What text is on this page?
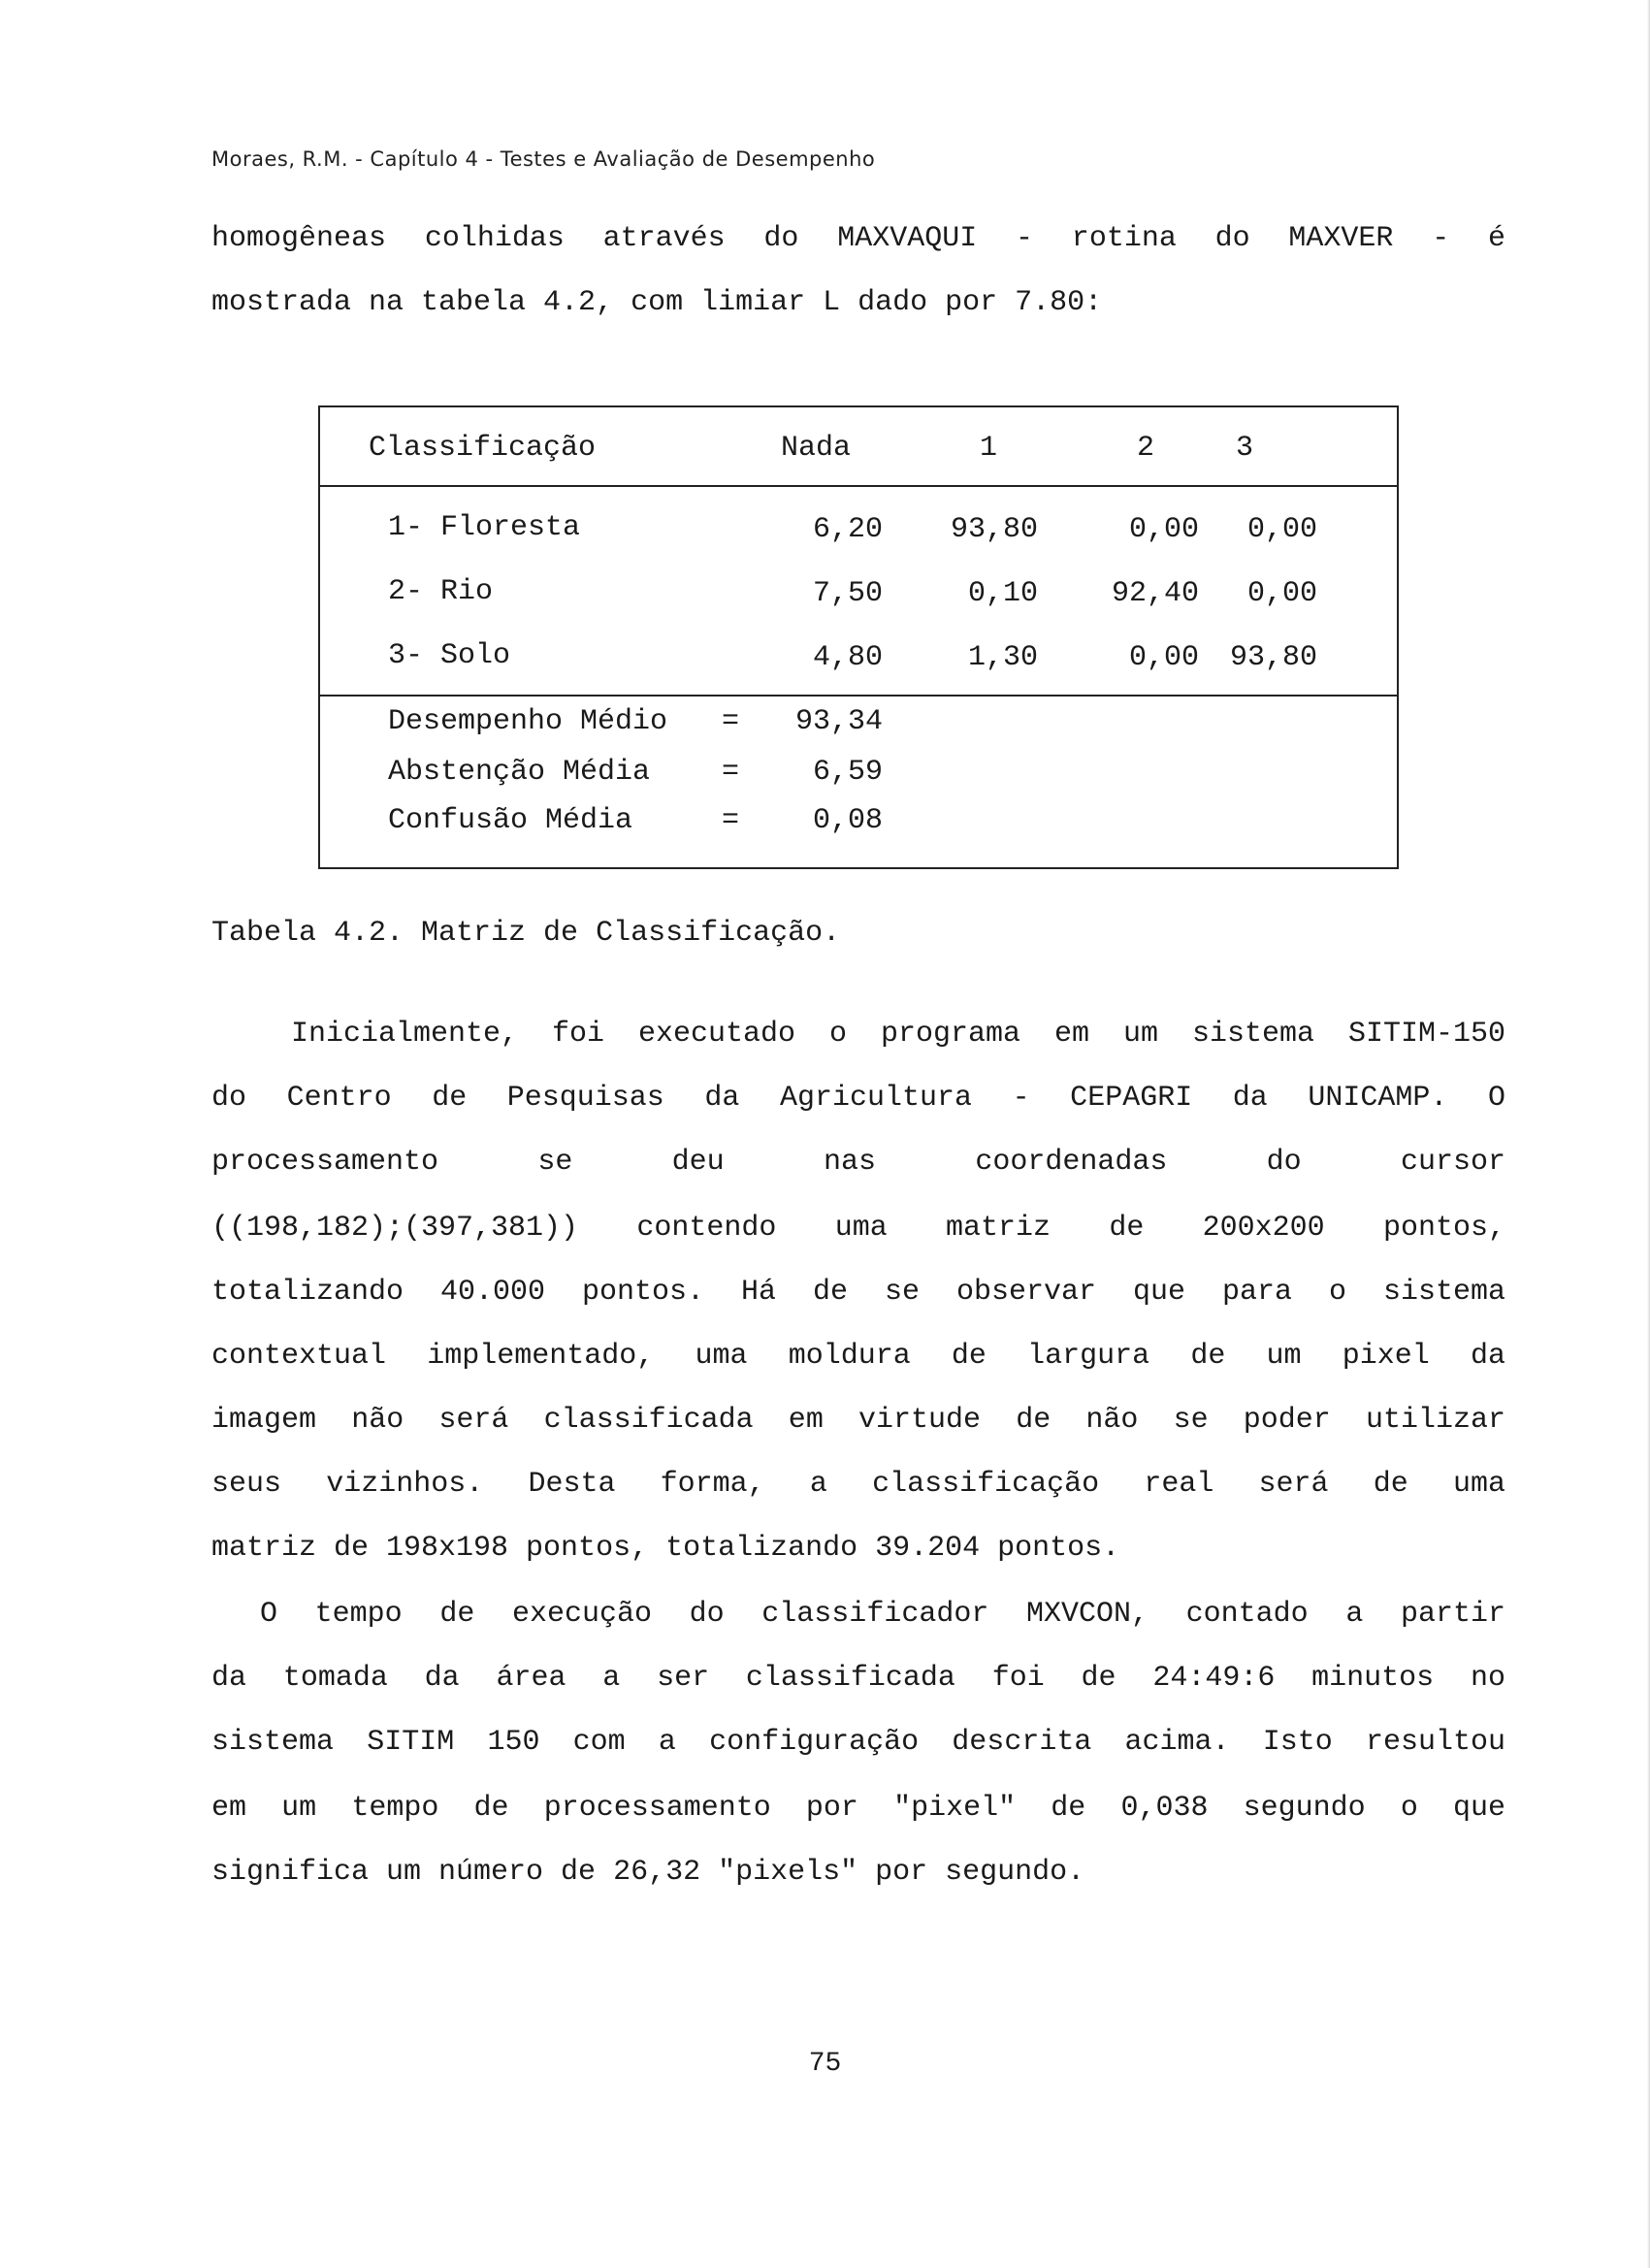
Moraes, R.M. - Capítulo 4 - Testes e Avaliação de Desempenho
homogêneas colhidas através do MAXVAQUI - rotina do MAXVER - é
mostrada na tabela 4.2, com limiar L dado por 7.80:
Classificação	Nada	1	2	3
1- Floresta	6,20	93,80	0,00	0,00
2- Rio	7,50	0,10	92,40	0,00
3- Solo	4,80	1,30	0,00	93,80
Desempenho Médio =	93,34
Abstenção Média =	6,59
Confusão Média	=	0,08
Tabela 4.2. Matriz de Classificação.
Inicialmente, foi executado o programa em um sistema SITIM-150
do Centro de Pesquisas da Agricultura - CEPAGRI da UNICAMP. O
processamento se deu nas coordenadas do cursor
((198,182);(397,381)) contendo uma matriz de 200x200 pontos,
totalizando 40.000 pontos. Há de se observar que para o sistema
contextual implementado, uma moldura de largura de um pixel da
imagem não será classificada em virtude de não se poder utilizar
seus vizinhos. Desta forma, a classificação real será de uma
matriz de 198x198 pontos, totalizando 39.204 pontos.
O tempo de execução do classificador MXVCON, contado a partir
da tomada da área a ser classificada foi de 24:49:6 minutos no
sistema SITIM 150 com a configuração descrita acima. Isto resultou
em um tempo de processamento por "pixel" de 0,038 segundo o que
significa um número de 26,32 "pixels" por segundo.
75
